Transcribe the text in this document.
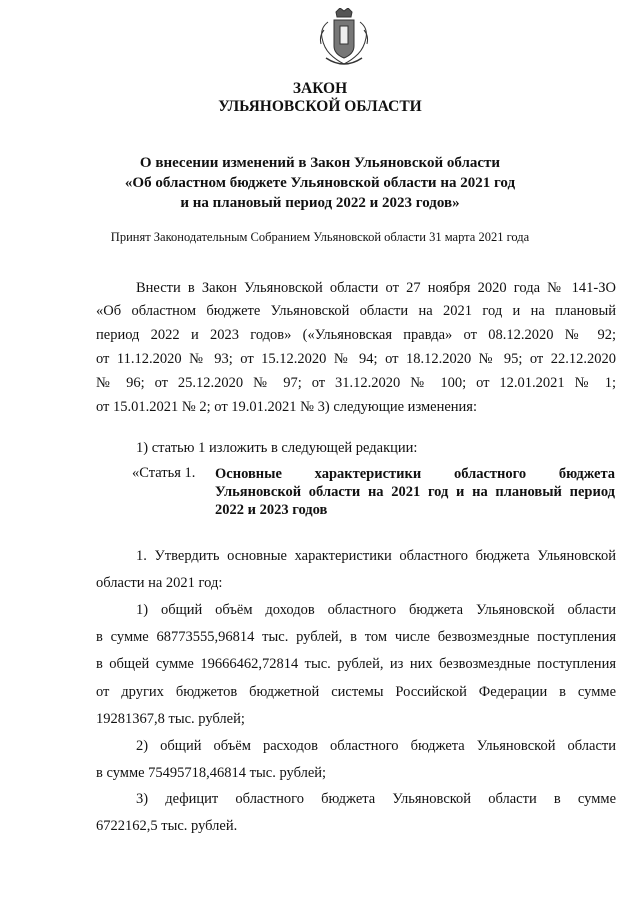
ЗАКОН
УЛЬЯНОВСКОЙ ОБЛАСТИ
О внесении изменений в Закон Ульяновской области
«Об областном бюджете Ульяновской области на 2021 год
и на плановый период 2022 и 2023 годов»
Принят Законодательным Собранием Ульяновской области 31 марта 2021 года
Внести в Закон Ульяновской области от 27 ноября 2020 года № 141-ЗО
«Об областном бюджете Ульяновской области на 2021 год и на плановый
период 2022 и 2023 годов» («Ульяновская правда» от 08.12.2020 № 92;
от 11.12.2020 № 93; от 15.12.2020 № 94; от 18.12.2020 № 95; от 22.12.2020
№ 96; от 25.12.2020 № 97; от 31.12.2020 № 100; от 12.01.2021 № 1;
от 15.01.2021 № 2; от 19.01.2021 № 3) следующие изменения:
1) статью 1 изложить в следующей редакции:
«Статья 1. Основные характеристики областного бюджета
Ульяновской области на 2021 год и на плановый период
2022 и 2023 годов
1. Утвердить основные характеристики областного бюджета Ульяновской
области на 2021 год:
1) общий объём доходов областного бюджета Ульяновской области
в сумме 68773555,96814 тыс. рублей, в том числе безвозмездные поступления
в общей сумме 19666462,72814 тыс. рублей, из них безвозмездные поступления
от других бюджетов бюджетной системы Российской Федерации в сумме
19281367,8 тыс. рублей;
2) общий объём расходов областного бюджета Ульяновской области
в сумме 75495718,46814 тыс. рублей;
3) дефицит областного бюджета Ульяновской области в сумме
6722162,5 тыс. рублей.
